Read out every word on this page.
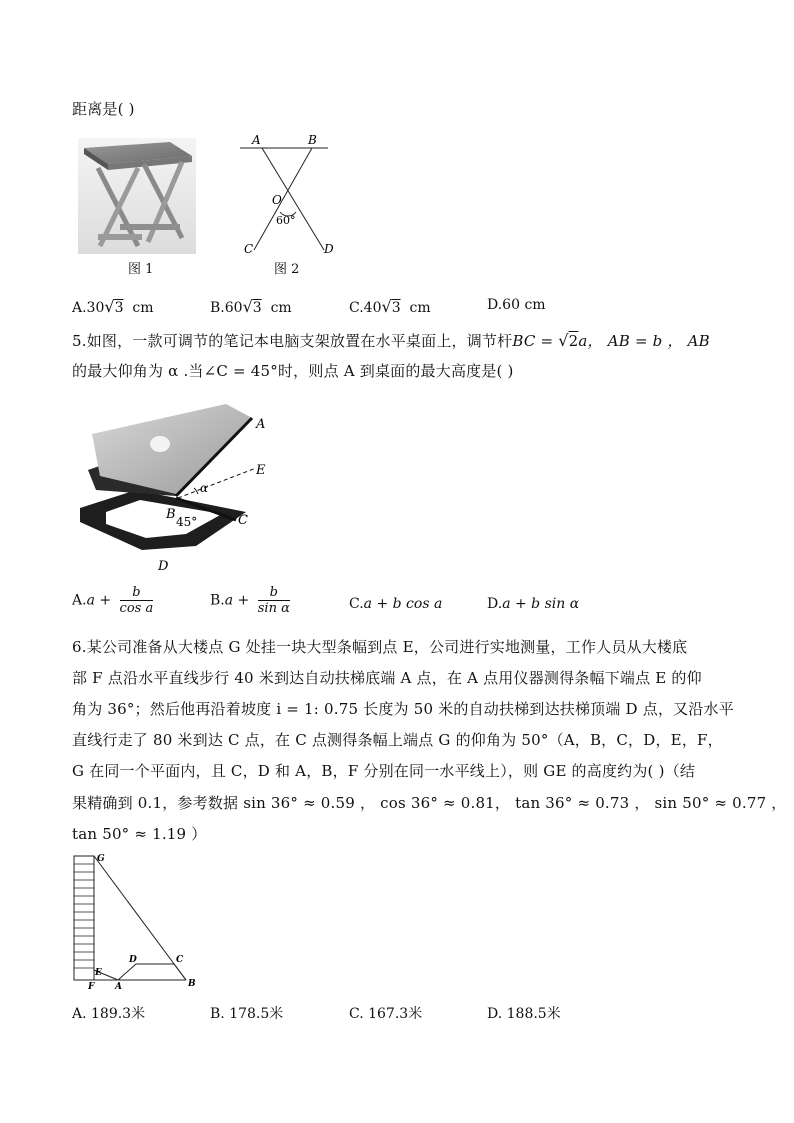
距离是( )
图 1
A	B
O
60°
C	D
图 2
A.30√3 cm	B.60√3 cm	C.40√3 cm	D.60 cm
5.如图，一款可调节的笔记本电脑支架放置在水平桌面上，调节杆BC = √2a， AB = b ， AB
的最大仰角为 α .当∠C = 45°时，则点 A 到桌面的最大高度是( )
A
E
α
B 45°	C
D
$A.a + \frac{b}{\text{cos a}}$	$B.a + \frac{b}{\text{sin α}}$	C.a + b cos a	D.a + b sin α
6.某公司准备从大楼点 G 处挂一块大型条幅到点 E，公司进行实地测量，工作人员从大楼底
部 F 点沿水平直线步行 40 米到达自动扶梯底端 A 点，在 A 点用仪器测得条幅下端点 E 的仰
角为 36°；然后他再沿着坡度 i = 1: 0.75 长度为 50 米的自动扶梯到达扶梯顶端 D 点，又沿水平
直线行走了 80 米到达 C 点，在 C 点测得条幅上端点 G 的仰角为 50°（A，B，C，D，E，F，
G 在同一个平面内，且 C，D 和 A，B，F 分别在同一水平线上），则 GE 的高度约为( )（结
果精确到 0.1，参考数据 sin 36° ≈ 0.59 ， cos 36° ≈ 0.81， tan 36° ≈ 0.73 ， sin 50° ≈ 0.77 ，
tan 50° ≈ 1.19 ）
G
E
F A
D	C
B
A. 189.3米	B. 178.5米	C. 167.3米	D. 188.5米
